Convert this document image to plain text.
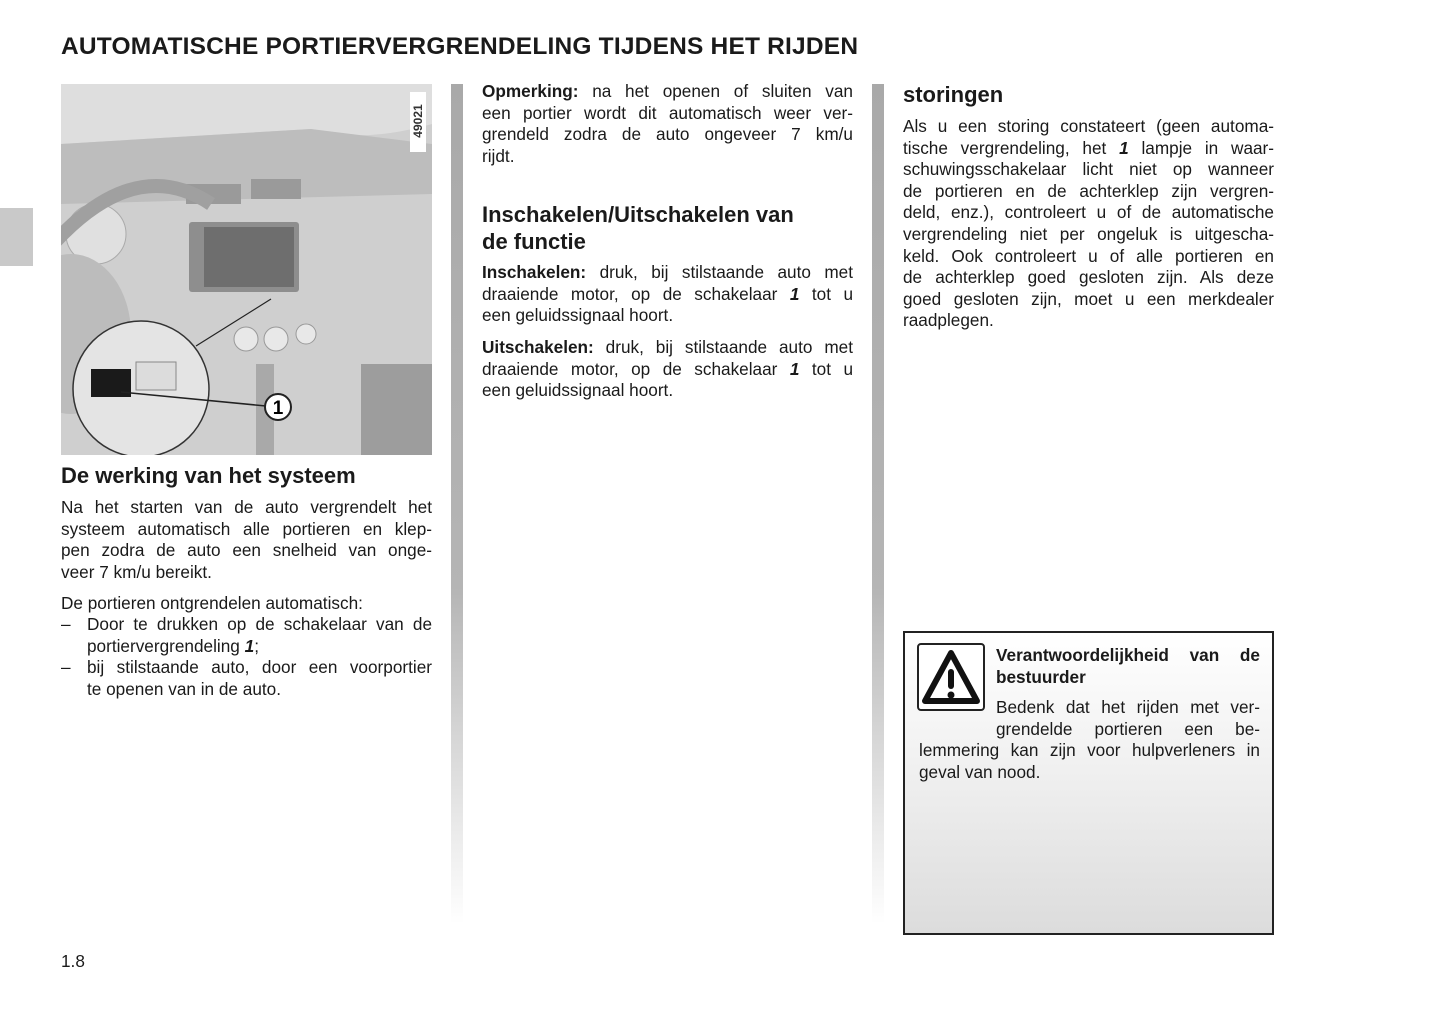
AUTOMATISCHE PORTIERVERGRENDELING TIJDENS HET RIJDEN
1
49021
De werking van het systeem
Na het starten van de auto vergrendelt het
systeem automatisch alle portieren en klep-
pen zodra de auto een snelheid van onge-
veer 7 km/u bereikt.
De portieren ontgrendelen automatisch:
– Door te drukken op de schakelaar van de
portiervergrendeling 1;
– bij stilstaande auto, door een voorportier
te openen van in de auto.
Opmerking: na het openen of sluiten van
een portier wordt dit automatisch weer ver-
grendeld zodra de auto ongeveer 7 km/u
rijdt.
Inschakelen/Uitschakelen van
de functie
Inschakelen: druk, bij stilstaande auto met
draaiende motor, op de schakelaar 1 tot u
een geluidssignaal hoort.
Uitschakelen: druk, bij stilstaande auto met
draaiende motor, op de schakelaar 1 tot u
een geluidssignaal hoort.
storingen
Als u een storing constateert (geen automa-
tische vergrendeling, het 1 lampje in waar-
schuwingsschakelaar licht niet op wanneer
de portieren en de achterklep zijn vergren-
deld, enz.), controleert u of de automatische
vergrendeling niet per ongeluk is uitgescha-
keld. Ook controleert u of alle portieren en
de achterklep goed gesloten zijn. Als deze
goed gesloten zijn, moet u een merkdealer
raadplegen.
Verantwoordelijkheid van de
bestuurder
Bedenk dat het rijden met ver-
grendelde portieren een be-
lemmering kan zijn voor hulpverleners in
geval van nood.
1.8
